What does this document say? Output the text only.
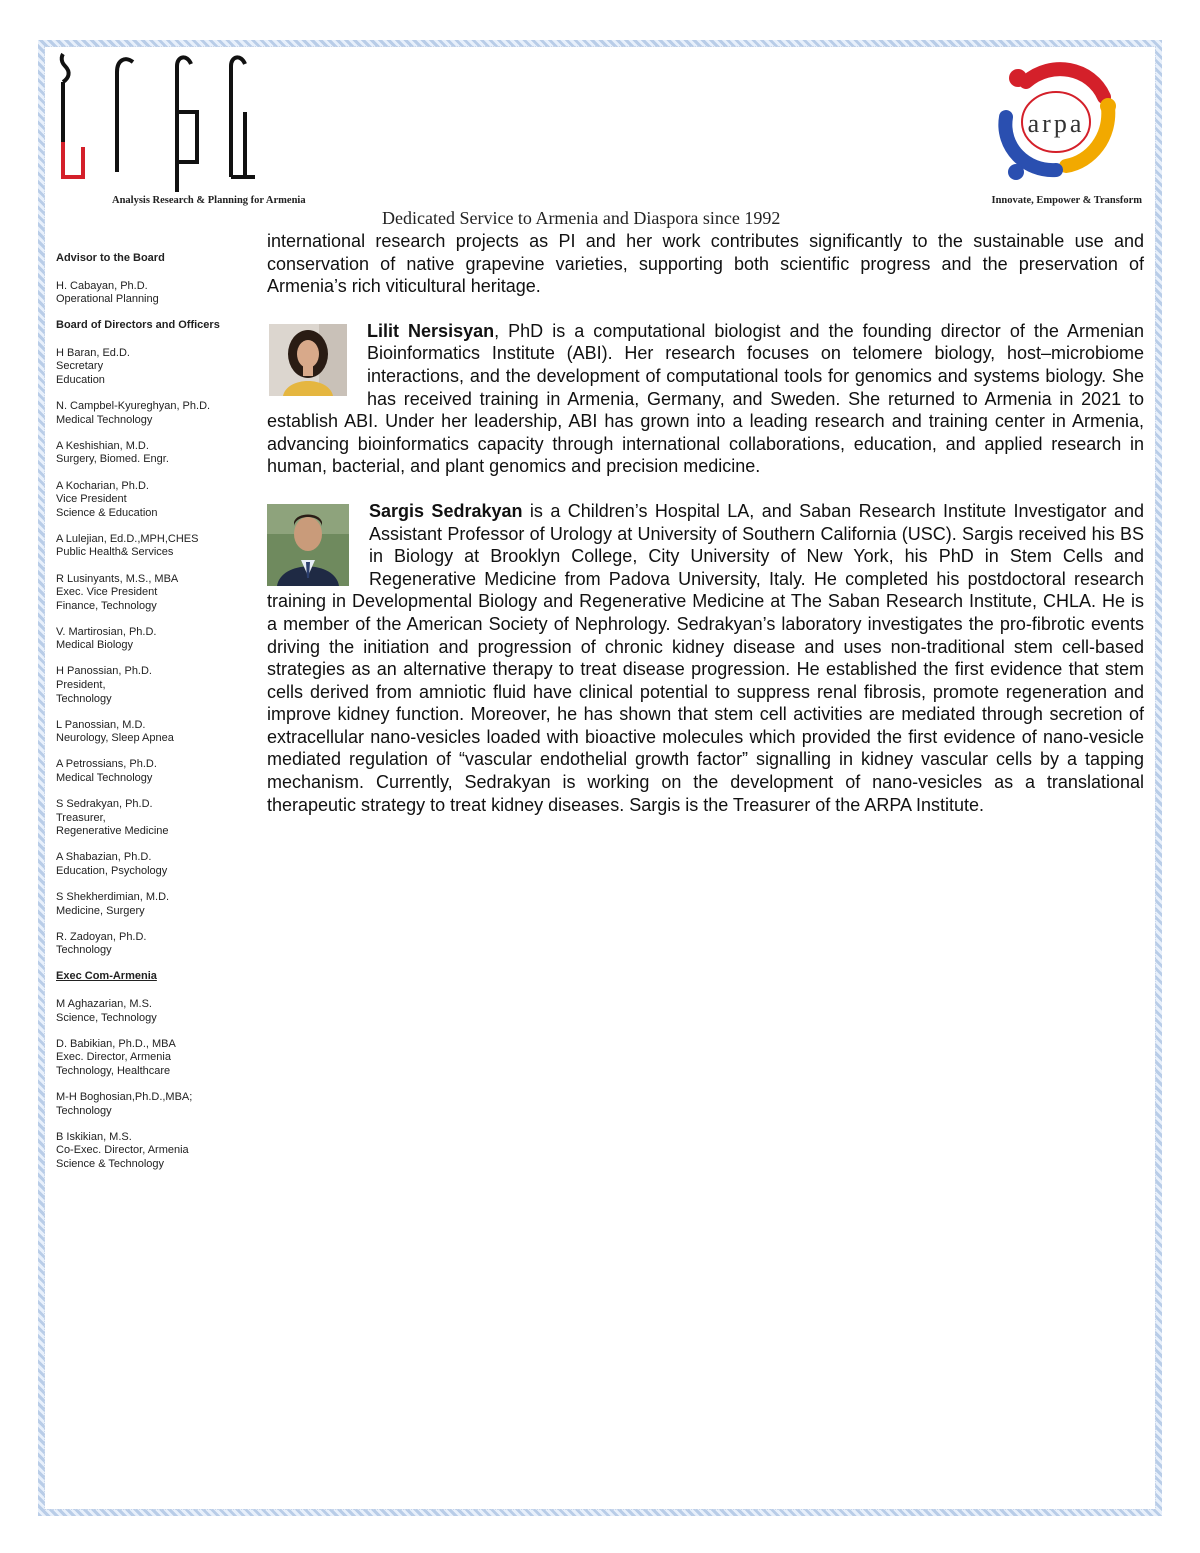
Analysis Research & Planning for Armenia
arpa
Innovate, Empower & Transform
Dedicated Service to Armenia and Diaspora since 1992
Advisor to the Board
H. Cabayan, Ph.D.
Operational Planning
Board of Directors and Officers
H Baran, Ed.D.
Secretary
Education
N. Campbel-Kyureghyan, Ph.D.
Medical Technology
A Keshishian, M.D.
Surgery, Biomed. Engr.
A Kocharian, Ph.D.
Vice President
Science & Education
A Lulejian, Ed.D.,MPH,CHES
Public Health& Services
R Lusinyants, M.S., MBA
Exec. Vice President
Finance, Technology
V. Martirosian, Ph.D.
Medical Biology
H Panossian, Ph.D.
President,
Technology
L Panossian, M.D.
Neurology, Sleep Apnea
A Petrossians, Ph.D.
Medical Technology
S Sedrakyan, Ph.D.
Treasurer,
Regenerative Medicine
A Shabazian, Ph.D.
Education, Psychology
S Shekherdimian, M.D.
Medicine, Surgery
R. Zadoyan, Ph.D.
Technology
Exec Com-Armenia
M Aghazarian, M.S.
Science, Technology
D. Babikian, Ph.D., MBA
Exec. Director, Armenia
Technology, Healthcare
M-H Boghosian,Ph.D.,MBA;
Technology
B Iskikian, M.S.
Co-Exec. Director, Armenia
Science & Technology

international research projects as PI and her work contributes significantly to the sustainable use and conservation of native grapevine varieties, supporting both scientific progress and the preservation of Armenia’s rich viticultural heritage.

Lilit Nersisyan, PhD is a computational biologist and the founding director of the Armenian Bioinformatics Institute (ABI). Her research focuses on telomere biology, host–microbiome interactions, and the development of computational tools for genomics and systems biology. She has received training in Armenia, Germany, and Sweden. She returned to Armenia in 2021 to establish ABI. Under her leadership, ABI has grown into a leading research and training center in Armenia, advancing bioinformatics capacity through international collaborations, education, and applied research in human, bacterial, and plant genomics and precision medicine.

Sargis Sedrakyan is a Children’s Hospital LA, and Saban Research Institute Investigator and Assistant Professor of Urology at University of Southern California (USC). Sargis received his BS in Biology at Brooklyn College, City University of New York, his PhD in Stem Cells and Regenerative Medicine from Padova University, Italy. He completed his postdoctoral research training in Developmental Biology and Regenerative Medicine at The Saban Research Institute, CHLA. He is a member of the American Society of Nephrology. Sedrakyan’s laboratory investigates the pro-fibrotic events driving the initiation and progression of chronic kidney disease and uses non-traditional stem cell-based strategies as an alternative therapy to treat disease progression. He established the first evidence that stem cells derived from amniotic fluid have clinical potential to suppress renal fibrosis, promote regeneration and improve kidney function. Moreover, he has shown that stem cell activities are mediated through secretion of extracellular nano-vesicles loaded with bioactive molecules which provided the first evidence of nano-vesicle mediated regulation of “vascular endothelial growth factor” signalling in kidney vascular cells by a tapping mechanism. Currently, Sedrakyan is working on the development of nano-vesicles as a translational therapeutic strategy to treat kidney diseases. Sargis is the Treasurer of the ARPA Institute.
